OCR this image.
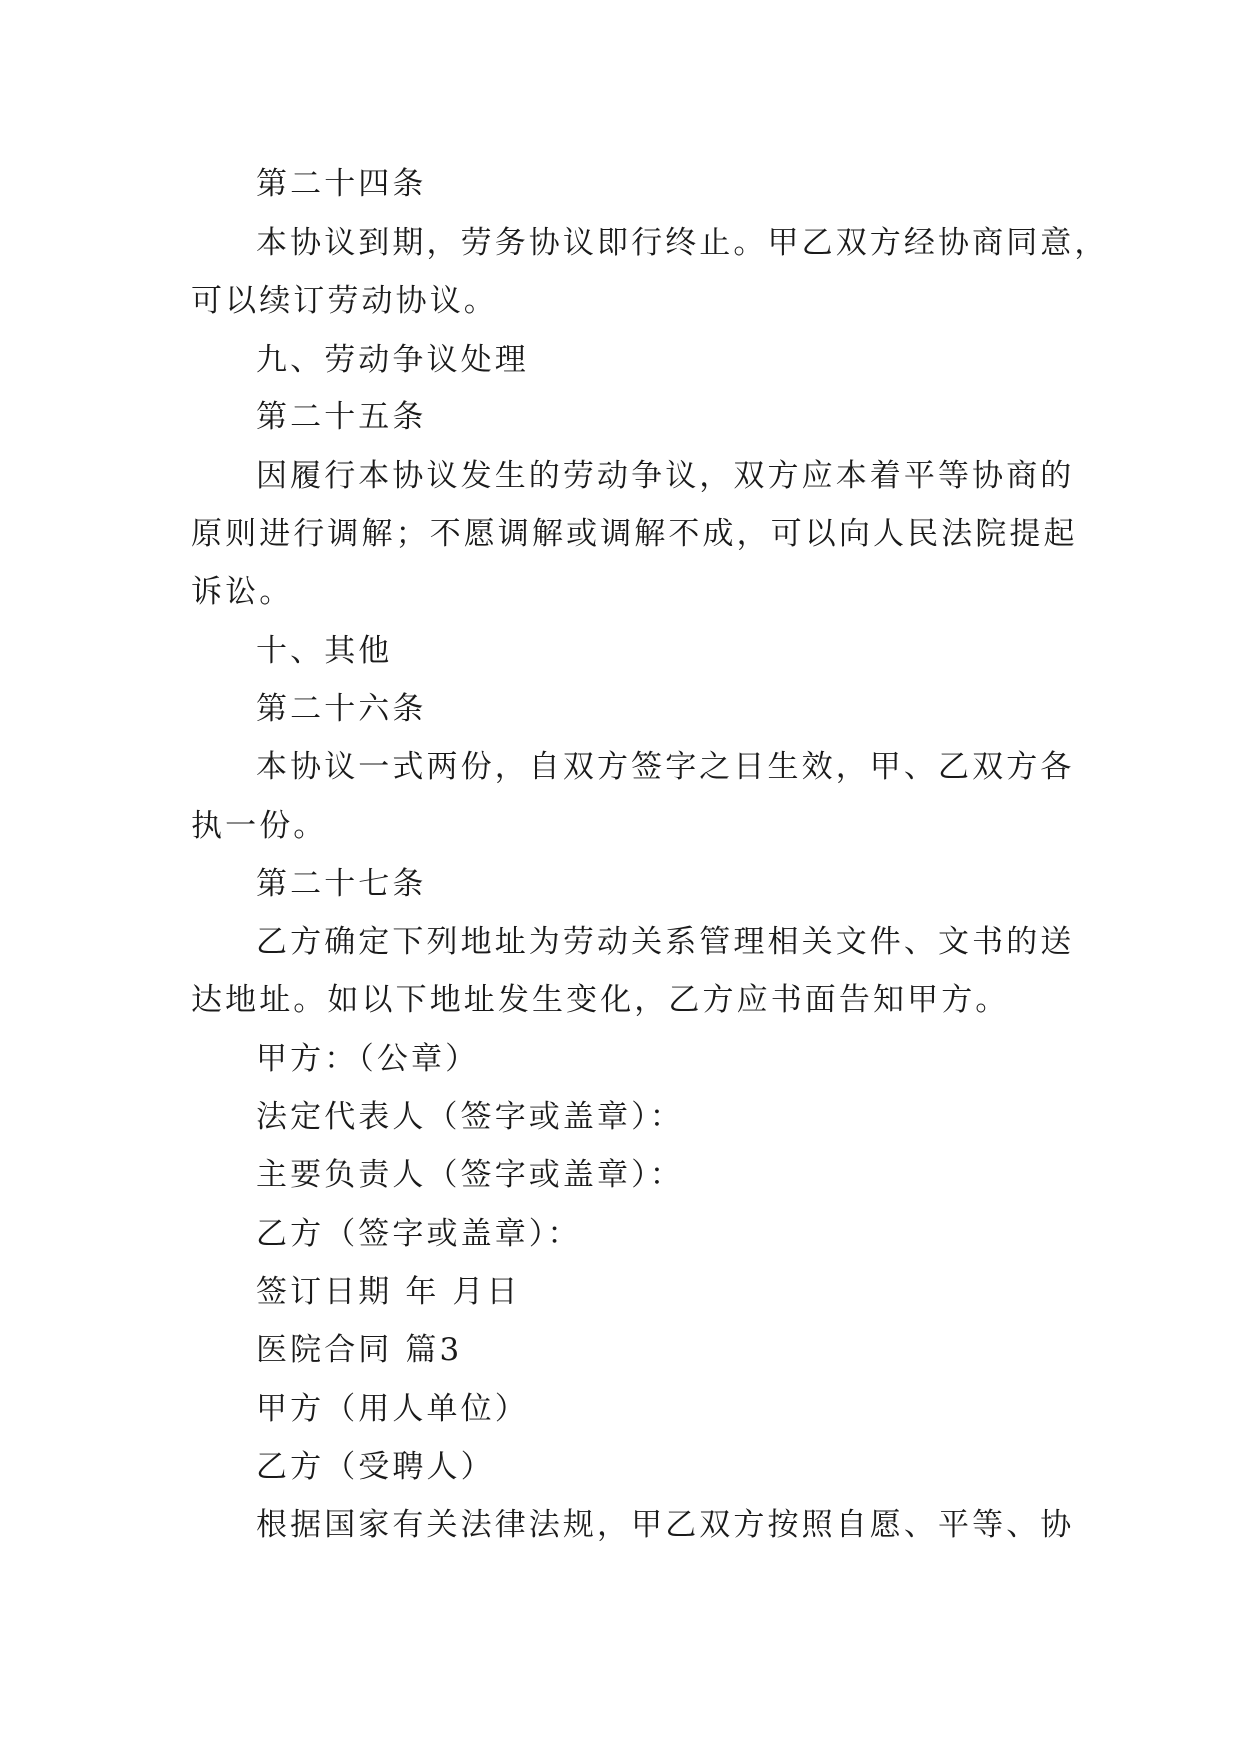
第二十四条
本协议到期，劳务协议即行终止。甲乙双方经协商同意，
可以续订劳动协议。
九、劳动争议处理
第二十五条
因履行本协议发生的劳动争议，双方应本着平等协商的
原则进行调解；不愿调解或调解不成，可以向人民法院提起
诉讼。
十、其他
第二十六条
本协议一式两份，自双方签字之日生效，甲、乙双方各
执一份。
第二十七条
乙方确定下列地址为劳动关系管理相关文件、文书的送
达地址。如以下地址发生变化，乙方应书面告知甲方。
甲方：（公章）
法定代表人（签字或盖章）：
主要负责人（签字或盖章）：
乙方（签字或盖章）：
签订日期 年 月日
医院合同 篇3
甲方（用人单位）
乙方（受聘人）
根据国家有关法律法规，甲乙双方按照自愿、平等、协
